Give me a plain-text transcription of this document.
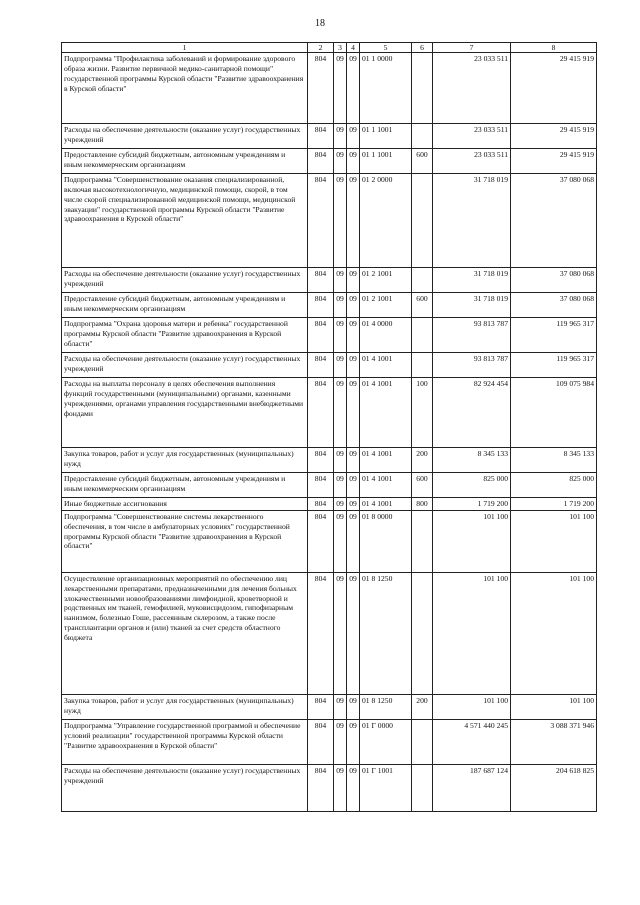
18
1	2	3	4	5	6	7	8
Подпрограмма "Профилактика заболеваний и формирование здорового образа жизни. Развитие первичной медико-санитарной помощи" государственной программы Курской области "Развитие здравоохранения в Курской области"	804	09	09	01 1 0000		23 033 511	29 415 919
Расходы на обеспечение деятельности (оказание услуг) государственных учреждений	804	09	09	01 1 1001		23 033 511	29 415 919
Предоставление субсидий бюджетным, автономным учреждениям и иным некоммерческим организациям	804	09	09	01 1 1001	600	23 033 511	29 415 919
Подпрограмма "Совершенствование оказания специализированной, включая высокотехнологичную, медицинской помощи, скорой, в том числе скорой специализированной медицинской помощи, медицинской эвакуации" государственной программы Курской области "Развитие здравоохранения в Курской области"	804	09	09	01 2 0000		31 718 019	37 080 068
Расходы на обеспечение деятельности (оказание услуг) государственных учреждений	804	09	09	01 2 1001		31 718 019	37 080 068
Предоставление субсидий бюджетным, автономным учреждениям и иным некоммерческим организациям	804	09	09	01 2 1001	600	31 718 019	37 080 068
Подпрограмма "Охрана здоровья матери и ребенка" государственной программы Курской области "Развитие здравоохранения в Курской области"	804	09	09	01 4 0000		93 813 787	119 965 317
Расходы на обеспечение деятельности (оказание услуг) государственных учреждений	804	09	09	01 4 1001		93 813 787	119 965 317
Расходы на выплаты персоналу в целях обеспечения выполнения функций государственными (муниципальными) органами, казенными учреждениями, органами управления государственными внебюджетными фондами	804	09	09	01 4 1001	100	82 924 454	109 075 984
Закупка товаров, работ и услуг для государственных (муниципальных) нужд	804	09	09	01 4 1001	200	8 345 133	8 345 133
Предоставление субсидий бюджетным, автономным учреждениям и иным некоммерческим организациям	804	09	09	01 4 1001	600	825 000	825 000
Иные бюджетные ассигнования	804	09	09	01 4 1001	800	1 719 200	1 719 200
Подпрограмма "Совершенствование системы лекарственного обеспечения, в том числе в амбулаторных условиях" государственной программы Курской области "Развитие здравоохранения в Курской области"	804	09	09	01 8 0000		101 100	101 100
Осуществление организационных мероприятий по обеспечению лиц лекарственными препаратами, предназначенными для лечения больных злокачественными новообразованиями лимфоидной, кроветворной и родственных им тканей, гемофилией, муковисцидозом, гипофизарным нанизмом, болезнью Гоше, рассеянным склерозом, а также после трансплантации органов и (или) тканей за счет средств областного бюджета	804	09	09	01 8 1250		101 100	101 100
Закупка товаров, работ и услуг для государственных (муниципальных) нужд	804	09	09	01 8 1250	200	101 100	101 100
Подпрограмма "Управление государственной программой и обеспечение условий реализации" государственной программы Курской области "Развитие здравоохранения в Курской области"	804	09	09	01 Г 0000		4 571 440 245	3 088 371 946
Расходы на обеспечение деятельности (оказание услуг) государственных учреждений	804	09	09	01 Г 1001		187 687 124	204 618 825
